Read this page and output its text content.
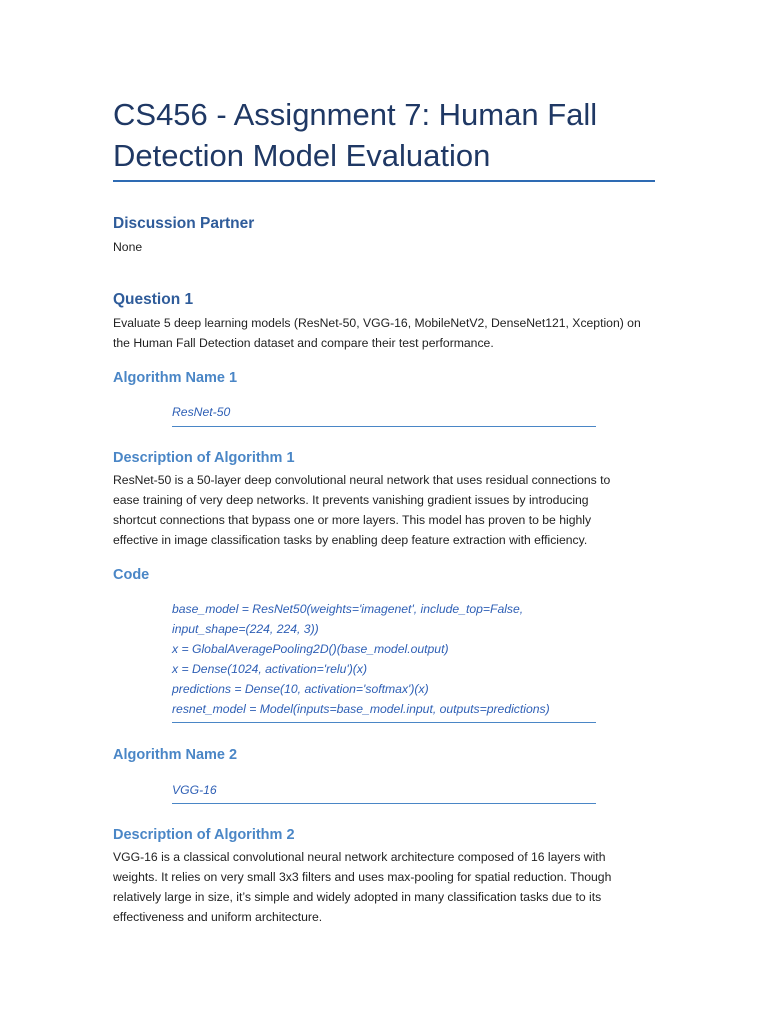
CS456 - Assignment 7: Human Fall
Detection Model Evaluation
Discussion Partner
None
Question 1
Evaluate 5 deep learning models (ResNet-50, VGG-16, MobileNetV2, DenseNet121, Xception) on
the Human Fall Detection dataset and compare their test performance.
Algorithm Name 1
ResNet-50
Description of Algorithm 1
ResNet-50 is a 50-layer deep convolutional neural network that uses residual connections to
ease training of very deep networks. It prevents vanishing gradient issues by introducing
shortcut connections that bypass one or more layers. This model has proven to be highly
effective in image classification tasks by enabling deep feature extraction with efficiency.
Code
base_model = ResNet50(weights='imagenet', include_top=False,
input_shape=(224, 224, 3))
x = GlobalAveragePooling2D()(base_model.output)
x = Dense(1024, activation='relu')(x)
predictions = Dense(10, activation='softmax')(x)
resnet_model = Model(inputs=base_model.input, outputs=predictions)
Algorithm Name 2
VGG-16
Description of Algorithm 2
VGG-16 is a classical convolutional neural network architecture composed of 16 layers with
weights. It relies on very small 3x3 filters and uses max-pooling for spatial reduction. Though
relatively large in size, it’s simple and widely adopted in many classification tasks due to its
effectiveness and uniform architecture.
